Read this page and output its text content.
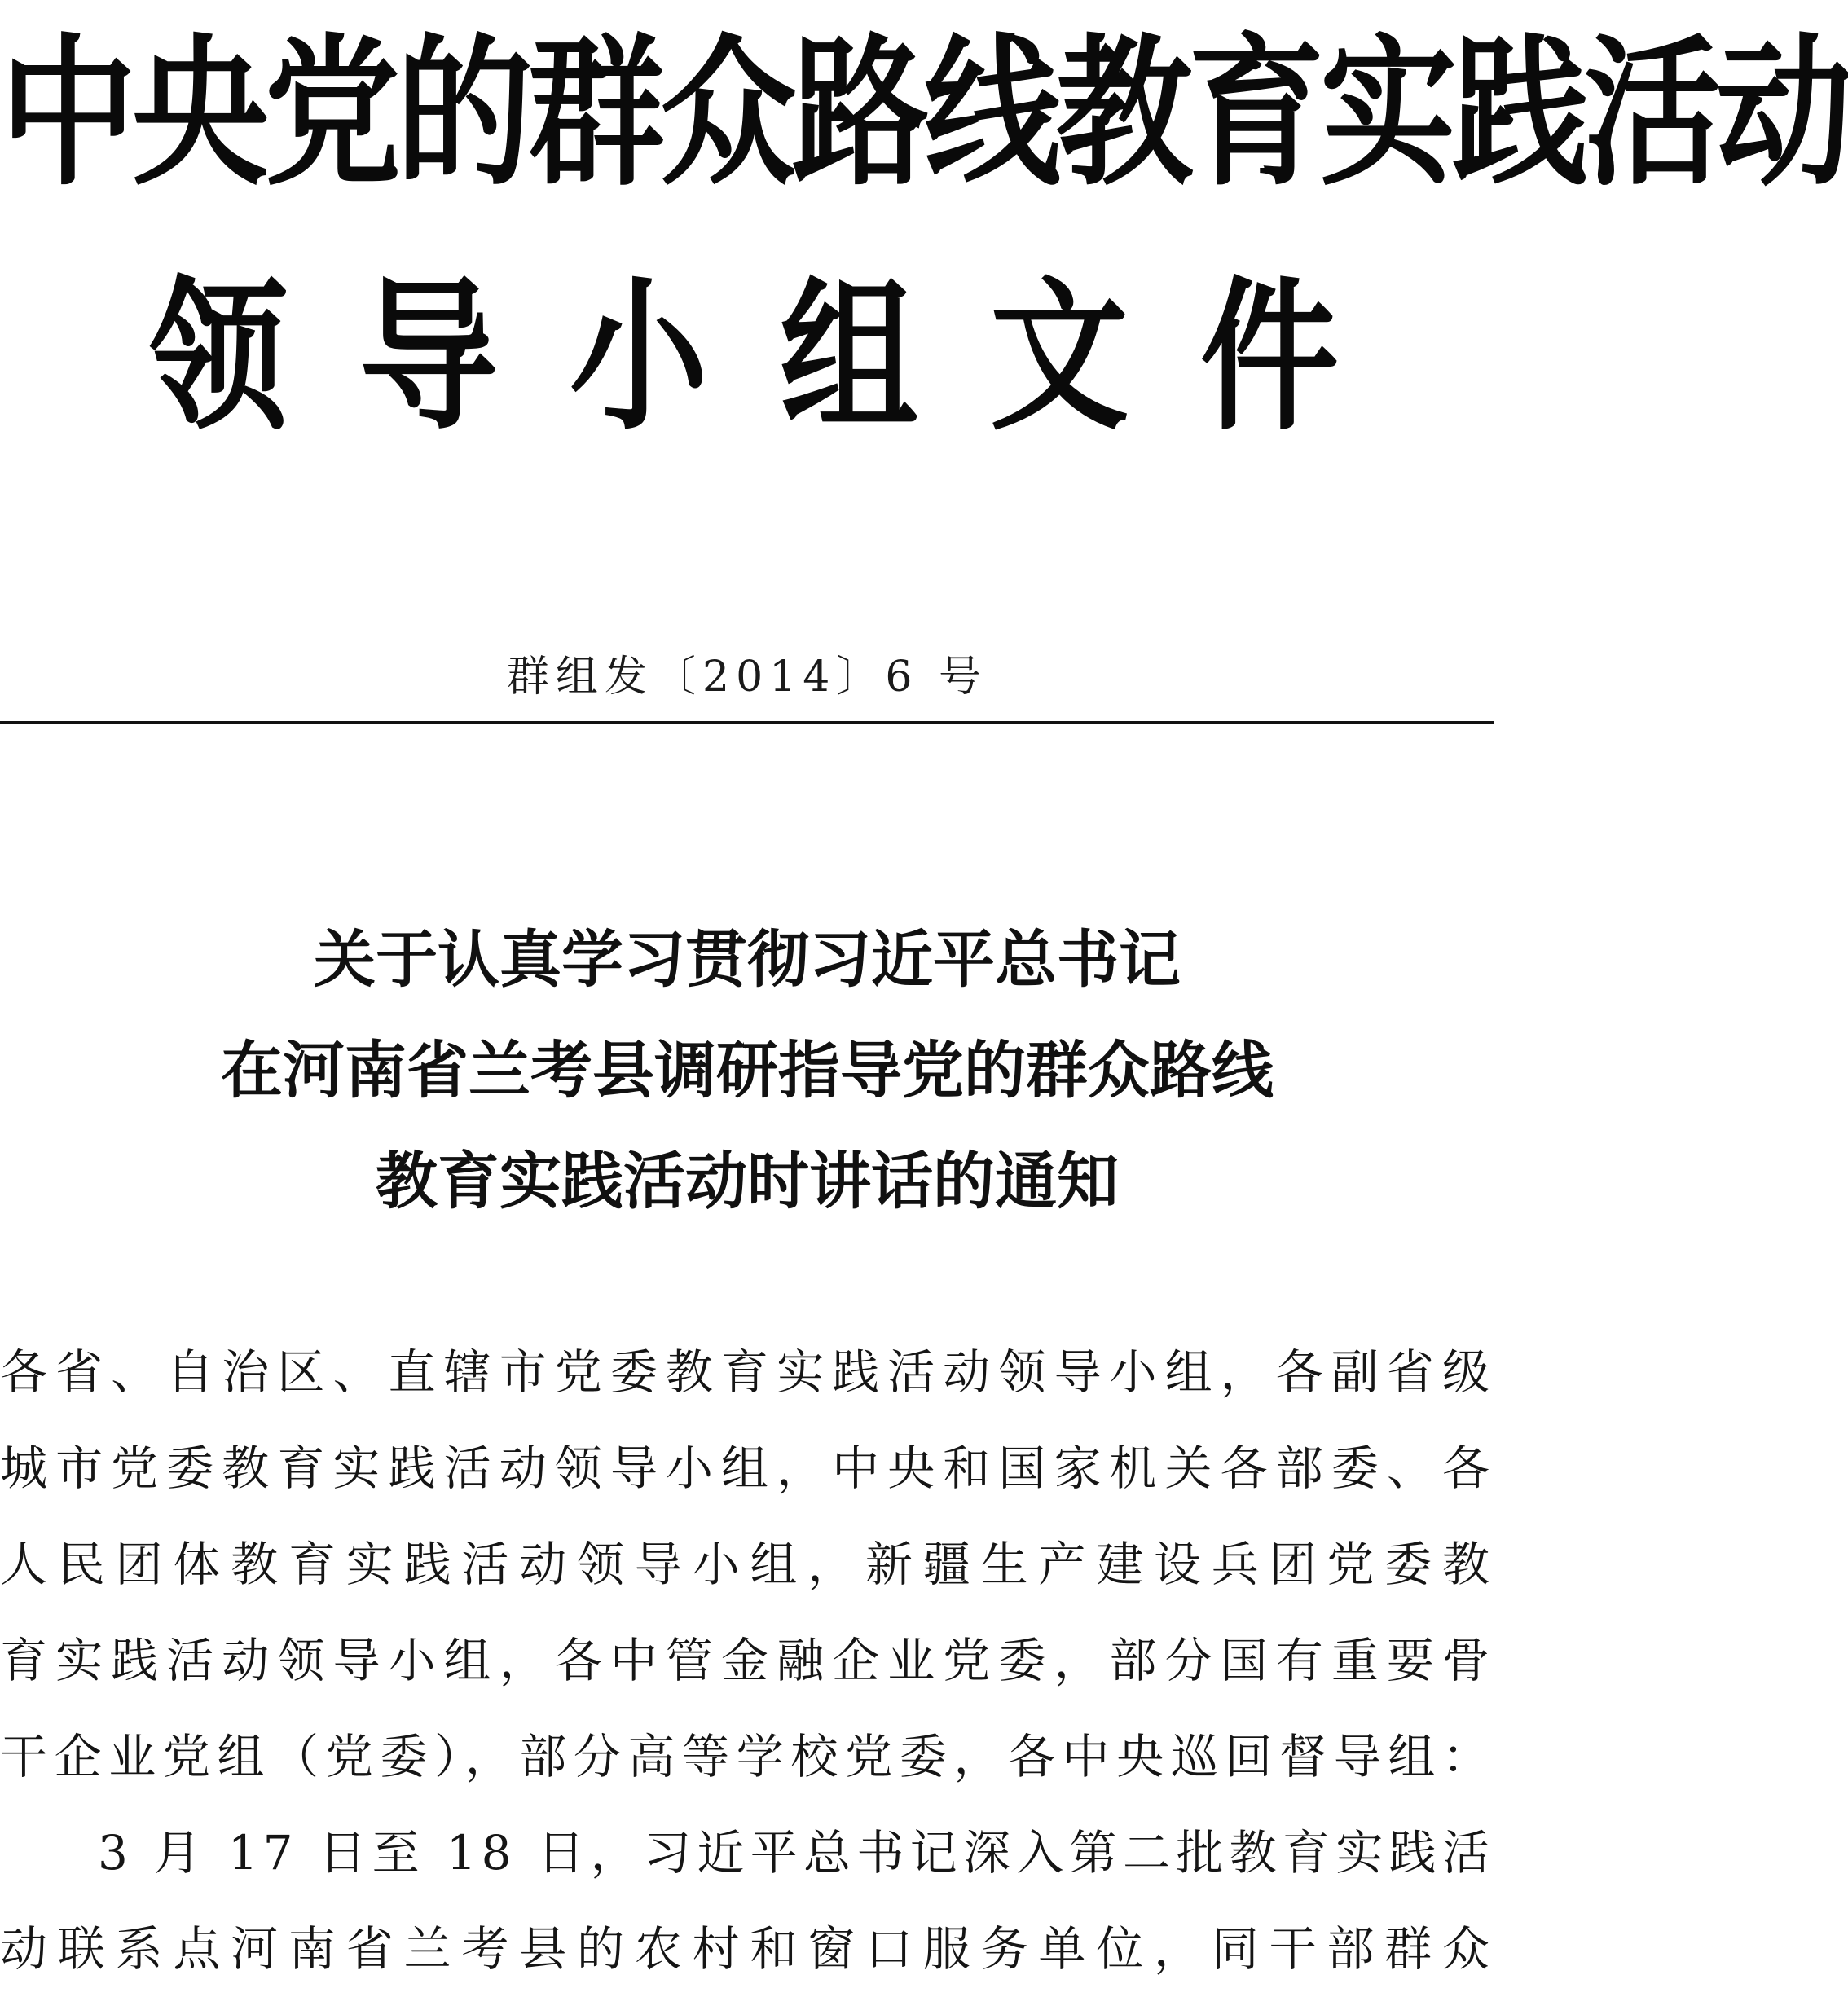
中央党的群众路线教育实践活动
领导小组文件
群组发〔2014〕6 号
关于认真学习贯彻习近平总书记
在河南省兰考县调研指导党的群众路线
教育实践活动时讲话的通知
各省、自治区、直辖市党委教育实践活动领导小组，各副省级
城市党委教育实践活动领导小组，中央和国家机关各部委、各
人民团体教育实践活动领导小组，新疆生产建设兵团党委教
育实践活动领导小组，各中管金融企业党委，部分国有重要骨
干企业党组（党委），部分高等学校党委，各中央巡回督导组：
3 月 17 日至 18 日，习近平总书记深入第二批教育实践活
动联系点河南省兰考县的农村和窗口服务单位，同干部群众
